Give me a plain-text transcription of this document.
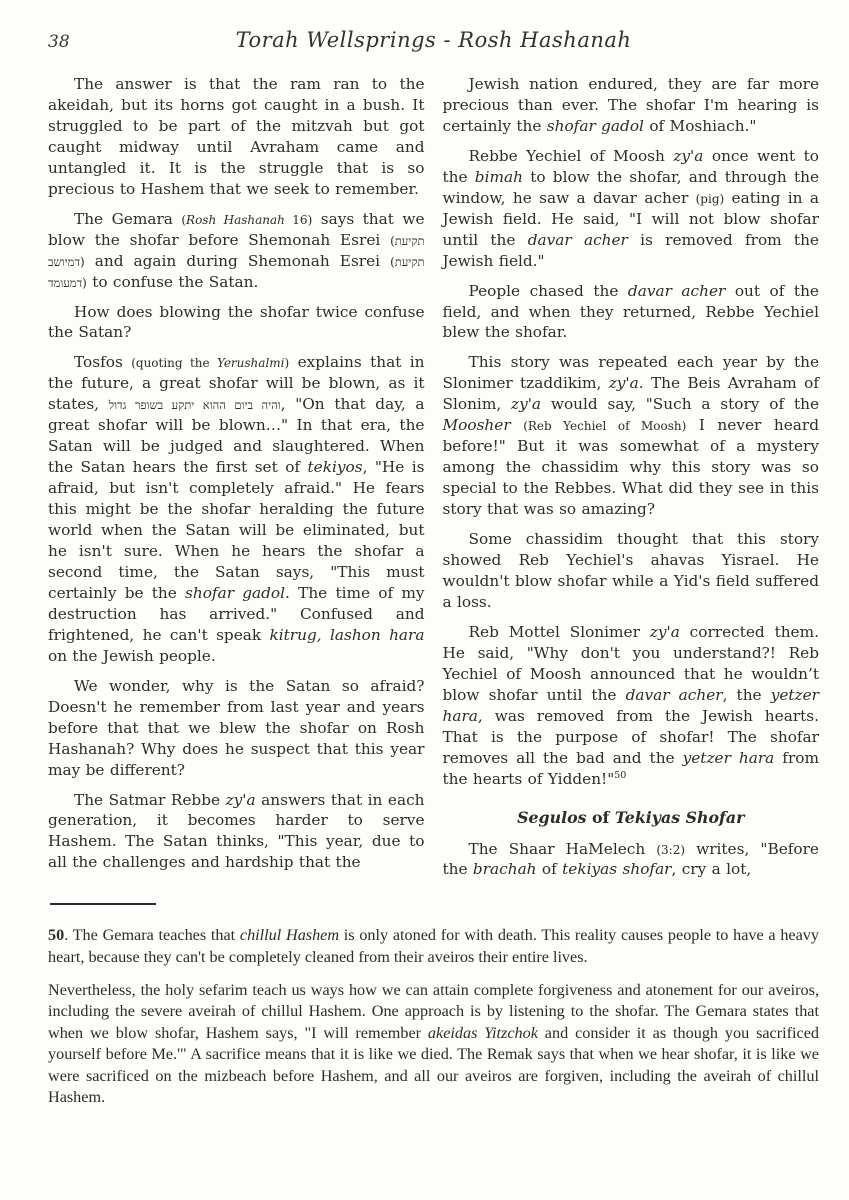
38	Torah Wellsprings - Rosh Hashanah

The answer is that the ram ran to the akeidah, but its horns got caught in a bush. It struggled to be part of the mitzvah but got caught midway until Avraham came and untangled it. It is the struggle that is so precious to Hashem that we seek to remember.

The Gemara (Rosh Hashanah 16) says that we blow the shofar before Shemonah Esrei (תקיעת דמיושב) and again during Shemonah Esrei (תקיעת דמעומד) to confuse the Satan.

How does blowing the shofar twice confuse the Satan?

Tosfos (quoting the Yerushalmi) explains that in the future, a great shofar will be blown, as it states, והיה ביום ההוא יתקע בשופר גדול, "On that day, a great shofar will be blown…" In that era, the Satan will be judged and slaughtered. When the Satan hears the first set of tekiyos, "He is afraid, but isn't completely afraid." He fears this might be the shofar heralding the future world when the Satan will be eliminated, but he isn't sure. When he hears the shofar a second time, the Satan says, "This must certainly be the shofar gadol. The time of my destruction has arrived." Confused and frightened, he can't speak kitrug, lashon hara on the Jewish people.

We wonder, why is the Satan so afraid? Doesn't he remember from last year and years before that that we blew the shofar on Rosh Hashanah? Why does he suspect that this year may be different?

The Satmar Rebbe zy'a answers that in each generation, it becomes harder to serve Hashem. The Satan thinks, "This year, due to all the challenges and hardship that the

Jewish nation endured, they are far more precious than ever. The shofar I'm hearing is certainly the shofar gadol of Moshiach."

Rebbe Yechiel of Moosh zy'a once went to the bimah to blow the shofar, and through the window, he saw a davar acher (pig) eating in a Jewish field. He said, "I will not blow shofar until the davar acher is removed from the Jewish field."

People chased the davar acher out of the field, and when they returned, Rebbe Yechiel blew the shofar.

This story was repeated each year by the Slonimer tzaddikim, zy'a. The Beis Avraham of Slonim, zy'a would say, "Such a story of the Moosher (Reb Yechiel of Moosh) I never heard before!" But it was somewhat of a mystery among the chassidim why this story was so special to the Rebbes. What did they see in this story that was so amazing?

Some chassidim thought that this story showed Reb Yechiel's ahavas Yisrael. He wouldn't blow shofar while a Yid's field suffered a loss.

Reb Mottel Slonimer zy'a corrected them. He said, "Why don't you understand?! Reb Yechiel of Moosh announced that he wouldn’t blow shofar until the davar acher, the yetzer hara, was removed from the Jewish hearts. That is the purpose of shofar! The shofar removes all the bad and the yetzer hara from the hearts of Yidden!"$^{50}$

Segulos of Tekiyas Shofar

The Shaar HaMelech (3:2) writes, "Before the brachah of tekiyas shofar, cry a lot,

50. The Gemara teaches that chillul Hashem is only atoned for with death. This reality causes people to have a heavy heart, because they can't be completely cleaned from their aveiros their entire lives.

Nevertheless, the holy sefarim teach us ways how we can attain complete forgiveness and atonement for our aveiros, including the severe aveirah of chillul Hashem. One approach is by listening to the shofar. The Gemara states that when we blow shofar, Hashem says, "I will remember akeidas Yitzchok and consider it as though you sacrificed yourself before Me.'" A sacrifice means that it is like we died. The Remak says that when we hear shofar, it is like we were sacrificed on the mizbeach before Hashem, and all our aveiros are forgiven, including the aveirah of chillul Hashem.
